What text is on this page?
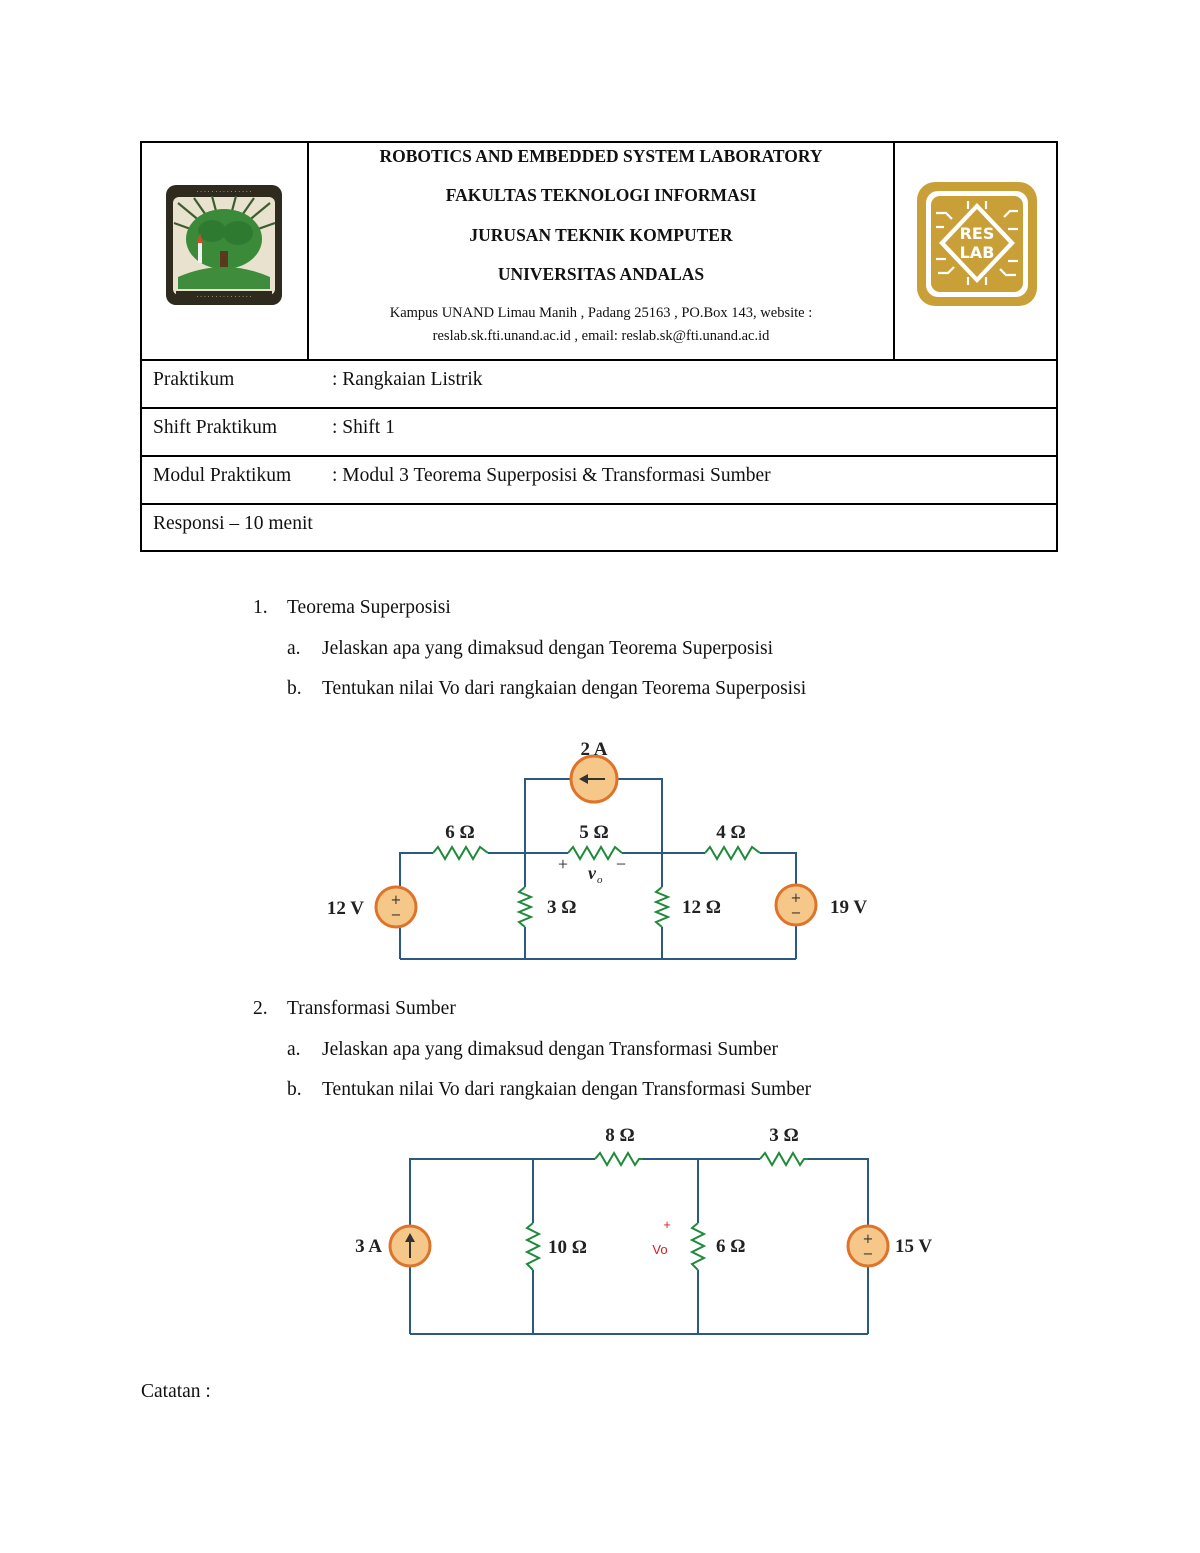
· · · · · · · · · · · · · · ·
· · · · · · · · · · · · · · ·
ROBOTICS AND EMBEDDED SYSTEM LABORATORY
FAKULTAS TEKNOLOGI INFORMASI
JURUSAN TEKNIK KOMPUTER
UNIVERSITAS ANDALAS
Kampus UNAND Limau Manih , Padang 25163 , PO.Box 143, website :
reslab.sk.fti.unand.ac.id , email: reslab.sk@fti.unand.ac.id
RES
LAB
Praktikum	: Rangkaian Listrik
Shift Praktikum	: Shift 1
Modul Praktikum : Modul 3 Teorema Superposisi & Transformasi Sumber
Responsi – 10 menit
1. Teorema Superposisi
a. Jelaskan apa yang dimaksud dengan Teorema Superposisi
b. Tentukan nilai Vo dari rangkaian dengan Teorema Superposisi
+
−
+
−
2 A
6 Ω	5 Ω	4 Ω
3 Ω	12 Ω
12 V	19 V
+	−
v o
2. Transformasi Sumber
a. Jelaskan apa yang dimaksud dengan Transformasi Sumber
b. Tentukan nilai Vo dari rangkaian dengan Transformasi Sumber
+
−
8 Ω	3 Ω
10 Ω	6 Ω
3 A	15 V
+
Vo
Catatan :
